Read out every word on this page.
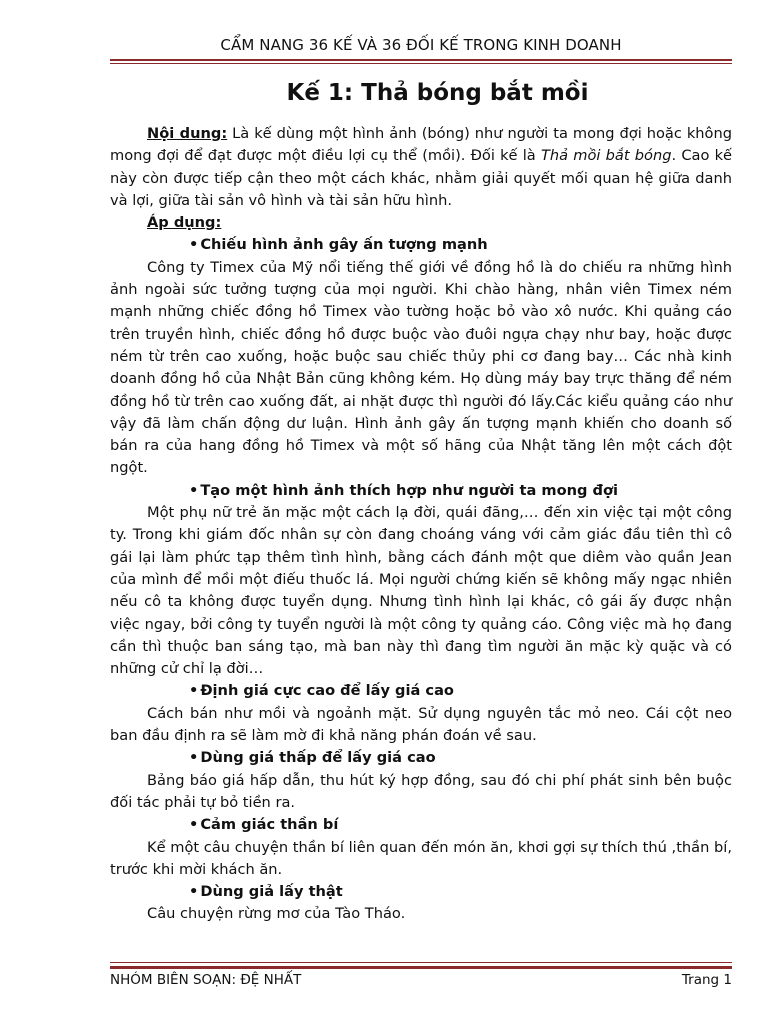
CẨM NANG 36 KẾ VÀ 36 ĐỐI KẾ TRONG KINH DOANH
Kế 1: Thả bóng bắt mồi

Nội dung: Là kế dùng một hình ảnh (bóng) như người ta mong đợi hoặc không mong đợi để đạt được một điều lợi cụ thể (mồi). Đối kế là Thả mồi bắt bóng. Cao kế này còn được tiếp cận theo một cách khác, nhằm giải quyết mối quan hệ giữa danh và lợi, giữa tài sản vô hình và tài sản hữu hình.

Áp dụng:

• Chiếu hình ảnh gây ấn tượng mạnh

Công ty Timex của Mỹ nổi tiếng thế giới về đồng hồ là do chiếu ra những hình ảnh ngoài sức tưởng tượng của mọi người. Khi chào hàng, nhân viên Timex ném mạnh những chiếc đồng hồ Timex vào tường hoặc bỏ vào xô nước. Khi quảng cáo trên truyền hình, chiếc đồng hồ được buộc vào đuôi ngựa chạy như bay, hoặc được ném từ trên cao xuống, hoặc buộc sau chiếc thủy phi cơ đang bay… Các nhà kinh doanh đồng hồ của Nhật Bản cũng không kém. Họ dùng máy bay trực thăng để ném đồng hồ từ trên cao xuống đất, ai nhặt được thì người đó lấy.Các kiểu quảng cáo như vậy đã làm chấn động dư luận. Hình ảnh gây ấn tượng mạnh khiến cho doanh số bán ra của hang đồng hồ Timex và một số hãng của Nhật tăng lên một cách đột ngột.

• Tạo một hình ảnh thích hợp như người ta mong đợi

Một phụ nữ trẻ ăn mặc một cách lạ đời, quái đãng,… đến xin việc tại một công ty. Trong khi giám đốc nhân sự còn đang choáng váng với cảm giác đầu tiên thì cô gái lại làm phức tạp thêm tình hình, bằng cách đánh một que diêm vào quần Jean của mình để mồi một điếu thuốc lá. Mọi người chứng kiến sẽ không mấy ngạc nhiên nếu cô ta không được tuyển dụng. Nhưng tình hình lại khác, cô gái ấy được nhận việc ngay, bởi công ty tuyển người là một công ty quảng cáo. Công việc mà họ đang cần thì thuộc ban sáng tạo, mà ban này thì đang tìm người ăn mặc kỳ quặc và có những cử chỉ lạ đời…

• Định giá cực cao để lấy giá cao

Cách bán như mồi và ngoảnh mặt. Sử dụng nguyên tắc mỏ neo. Cái cột neo ban đầu định ra sẽ làm mờ đi khả năng phán đoán về sau.

• Dùng giá thấp để lấy giá cao

Bảng báo giá hấp dẫn, thu hút ký hợp đồng, sau đó chi phí phát sinh bên buộc đối tác phải tự bỏ tiền ra.

• Cảm giác thần bí

Kể một câu chuyện thần bí liên quan đến món ăn, khơi gợi sự thích thú ,thần bí, trước khi mời khách ăn.

• Dùng giả lấy thật

Câu chuyện rừng mơ của Tào Tháo.

NHÓM BIÊN SOẠN: ĐỆ NHẤT	Trang 1
